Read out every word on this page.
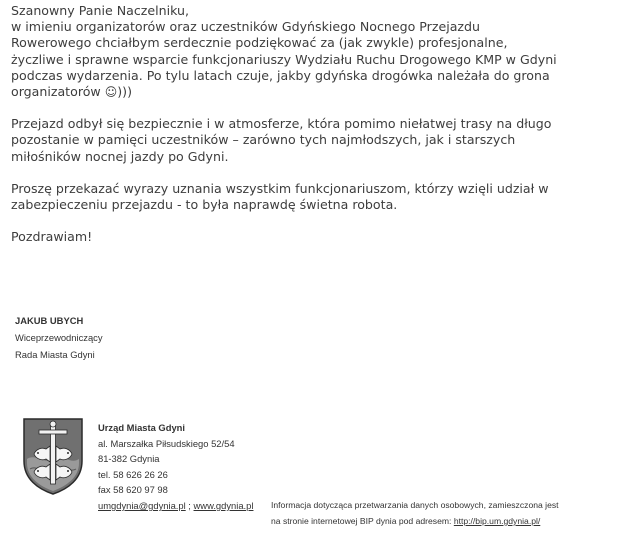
Szanowny Panie Naczelniku,

w imieniu organizatorów oraz uczestników Gdyńskiego Nocnego Przejazdu

Rowerowego chciałbym serdecznie podziękować za (jak zwykle) profesjonalne,

życzliwe i sprawne wsparcie funkcjonariuszy Wydziału Ruchu Drogowego KMP w Gdyni

podczas wydarzenia. Po tylu latach czuje, jakby gdyńska drogówka należała do grona

organizatorów ☺)))

Przejazd odbył się bezpiecznie i w atmosferze, która pomimo niełatwej trasy na długo

pozostanie w pamięci uczestników – zarówno tych najmłodszych, jak i starszych

miłośników nocnej jazdy po Gdyni.

Proszę przekazać wyrazy uznania wszystkim funkcjonariuszom, którzy wzięli udział w

zabezpieczeniu przejazdu - to była naprawdę świetna robota.

Pozdrawiam!

JAKUB UBYCH
Wiceprzewodniczący
Rada Miasta Gdyni
Urząd Miasta Gdyni
al. Marszałka Piłsudskiego 52/54
81-382 Gdynia
tel. 58 626 26 26
fax 58 620 97 98
umgdynia@gdynia.pl ; www.gdynia.pl Informacja dotycząca przetwarzania danych osobowych, zamieszczona jest
na stronie internetowej BIP dynia pod adresem: http://bip.um.gdynia.pl/
